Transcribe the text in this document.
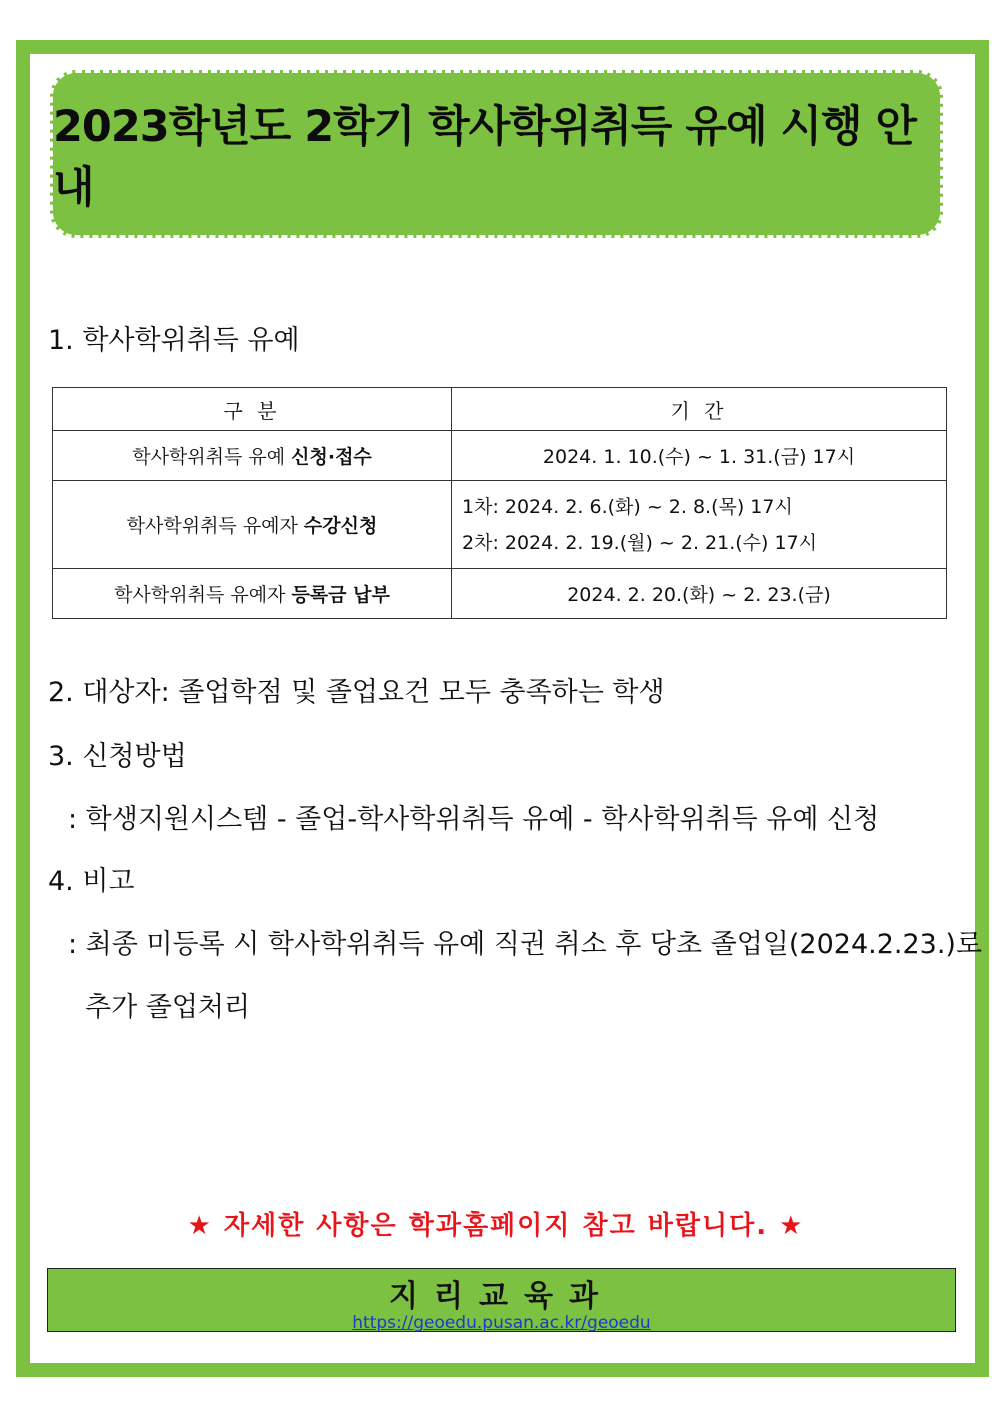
2023학년도 2학기 학사학위취득 유예 시행 안내
1. 학사학위취득 유예
구 분	기 간
학사학위취득 유예 신청·접수	2024. 1. 10.(수) ~ 1. 31.(금) 17시
학사학위취득 유예자 수강신청	1차: 2024. 2. 6.(화) ~ 2. 8.(목) 17시
2차: 2024. 2. 19.(월) ~ 2. 21.(수) 17시

학사학위취득 유예자 등록금 납부	2024. 2. 20.(화) ~ 2. 23.(금)
2. 대상자: 졸업학점 및 졸업요건 모두 충족하는 학생
3. 신청방법
: 학생지원시스템 - 졸업-학사학위취득 유예 - 학사학위취득 유예 신청
4. 비고
: 최종 미등록 시 학사학위취득 유예 직권 취소 후 당초 졸업일(2024.2.23.)로
추가 졸업처리
★ 자세한 사항은 학과홈페이지 참고 바랍니다. ★
지리교육과
https://geoedu.pusan.ac.kr/geoedu
